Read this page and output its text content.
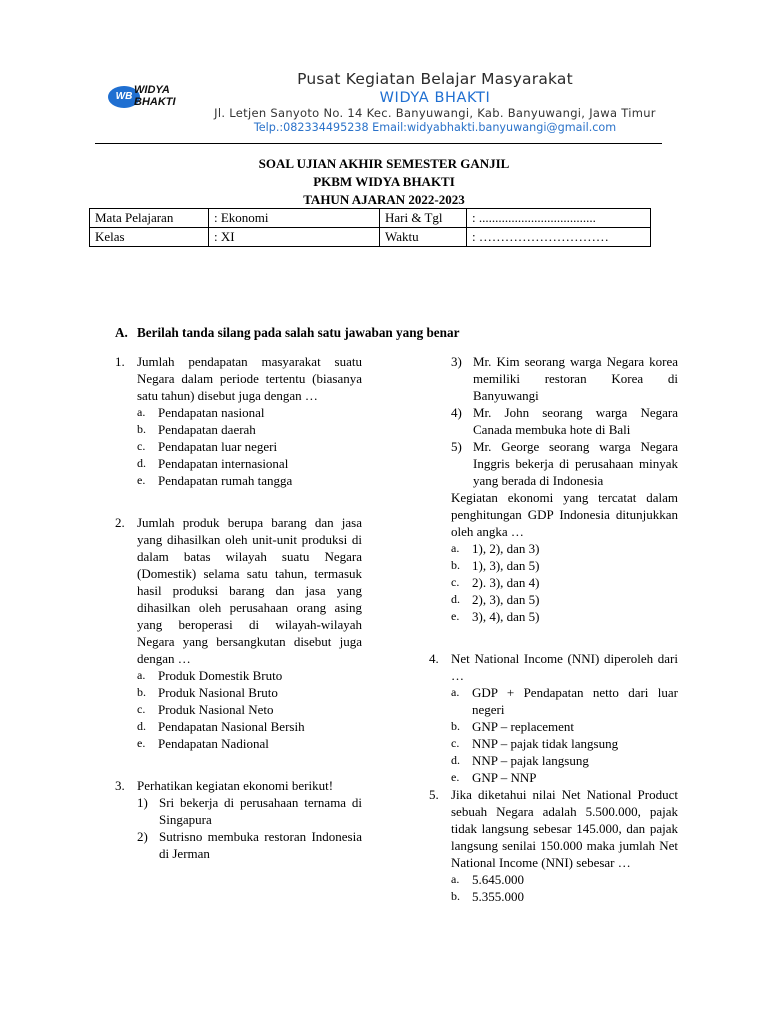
WB
WIDYA BHAKTI
Pusat Kegiatan Belajar Masyarakat
WIDYA BHAKTI
Jl. Letjen Sanyoto No. 14 Kec. Banyuwangi, Kab. Banyuwangi, Jawa Timur
Telp.:082334495238 Email:widyabhakti.banyuwangi@gmail.com
SOAL UJIAN AKHIR SEMESTER GANJIL
PKBM WIDYA BHAKTI
TAHUN AJARAN 2022-2023
Mata Pelajaran	: Ekonomi	Hari & Tgl	: ....................................
Kelas	: XI	Waktu	: …………………………
A. Berilah tanda silang pada salah satu jawaban yang benar
1. Jumlah pendapatan masyarakat suatu Negara dalam periode tertentu (biasanya satu tahun) disebut juga dengan …
a. Pendapatan nasional
b. Pendapatan daerah
c. Pendapatan luar negeri
d. Pendapatan internasional
e. Pendapatan rumah tangga
2. Jumlah produk berupa barang dan jasa yang dihasilkan oleh unit-unit produksi di dalam batas wilayah suatu Negara (Domestik) selama satu tahun, termasuk hasil produksi barang dan jasa yang dihasilkan oleh perusahaan orang asing yang beroperasi di wilayah-wilayah Negara yang bersangkutan disebut juga dengan …
a. Produk Domestik Bruto
b. Produk Nasional Bruto
c. Produk Nasional Neto
d. Pendapatan Nasional Bersih
e. Pendapatan Nadional
3. Perhatikan kegiatan ekonomi berikut!
1) Sri bekerja di perusahaan ternama di Singapura
2) Sutrisno membuka restoran Indonesia di Jerman
3) Mr. Kim seorang warga Negara korea memiliki restoran Korea di Banyuwangi
4) Mr. John seorang warga Negara Canada membuka hote di Bali
5) Mr. George seorang warga Negara Inggris bekerja di perusahaan minyak yang berada di Indonesia
Kegiatan ekonomi yang tercatat dalam penghitungan GDP Indonesia ditunjukkan oleh angka …
a. 1), 2), dan 3)
b. 1), 3), dan 5)
c. 2). 3), dan 4)
d. 2), 3), dan 5)
e. 3), 4), dan 5)
4. Net National Income (NNI) diperoleh dari …
a. GDP + Pendapatan netto dari luar negeri
b. GNP – replacement
c. NNP – pajak tidak langsung
d. NNP – pajak langsung
e. GNP – NNP
5. Jika diketahui nilai Net National Product sebuah Negara adalah 5.500.000, pajak tidak langsung sebesar 145.000, dan pajak langsung senilai 150.000 maka jumlah Net National Income (NNI) sebesar …
a. 5.645.000
b. 5.355.000
